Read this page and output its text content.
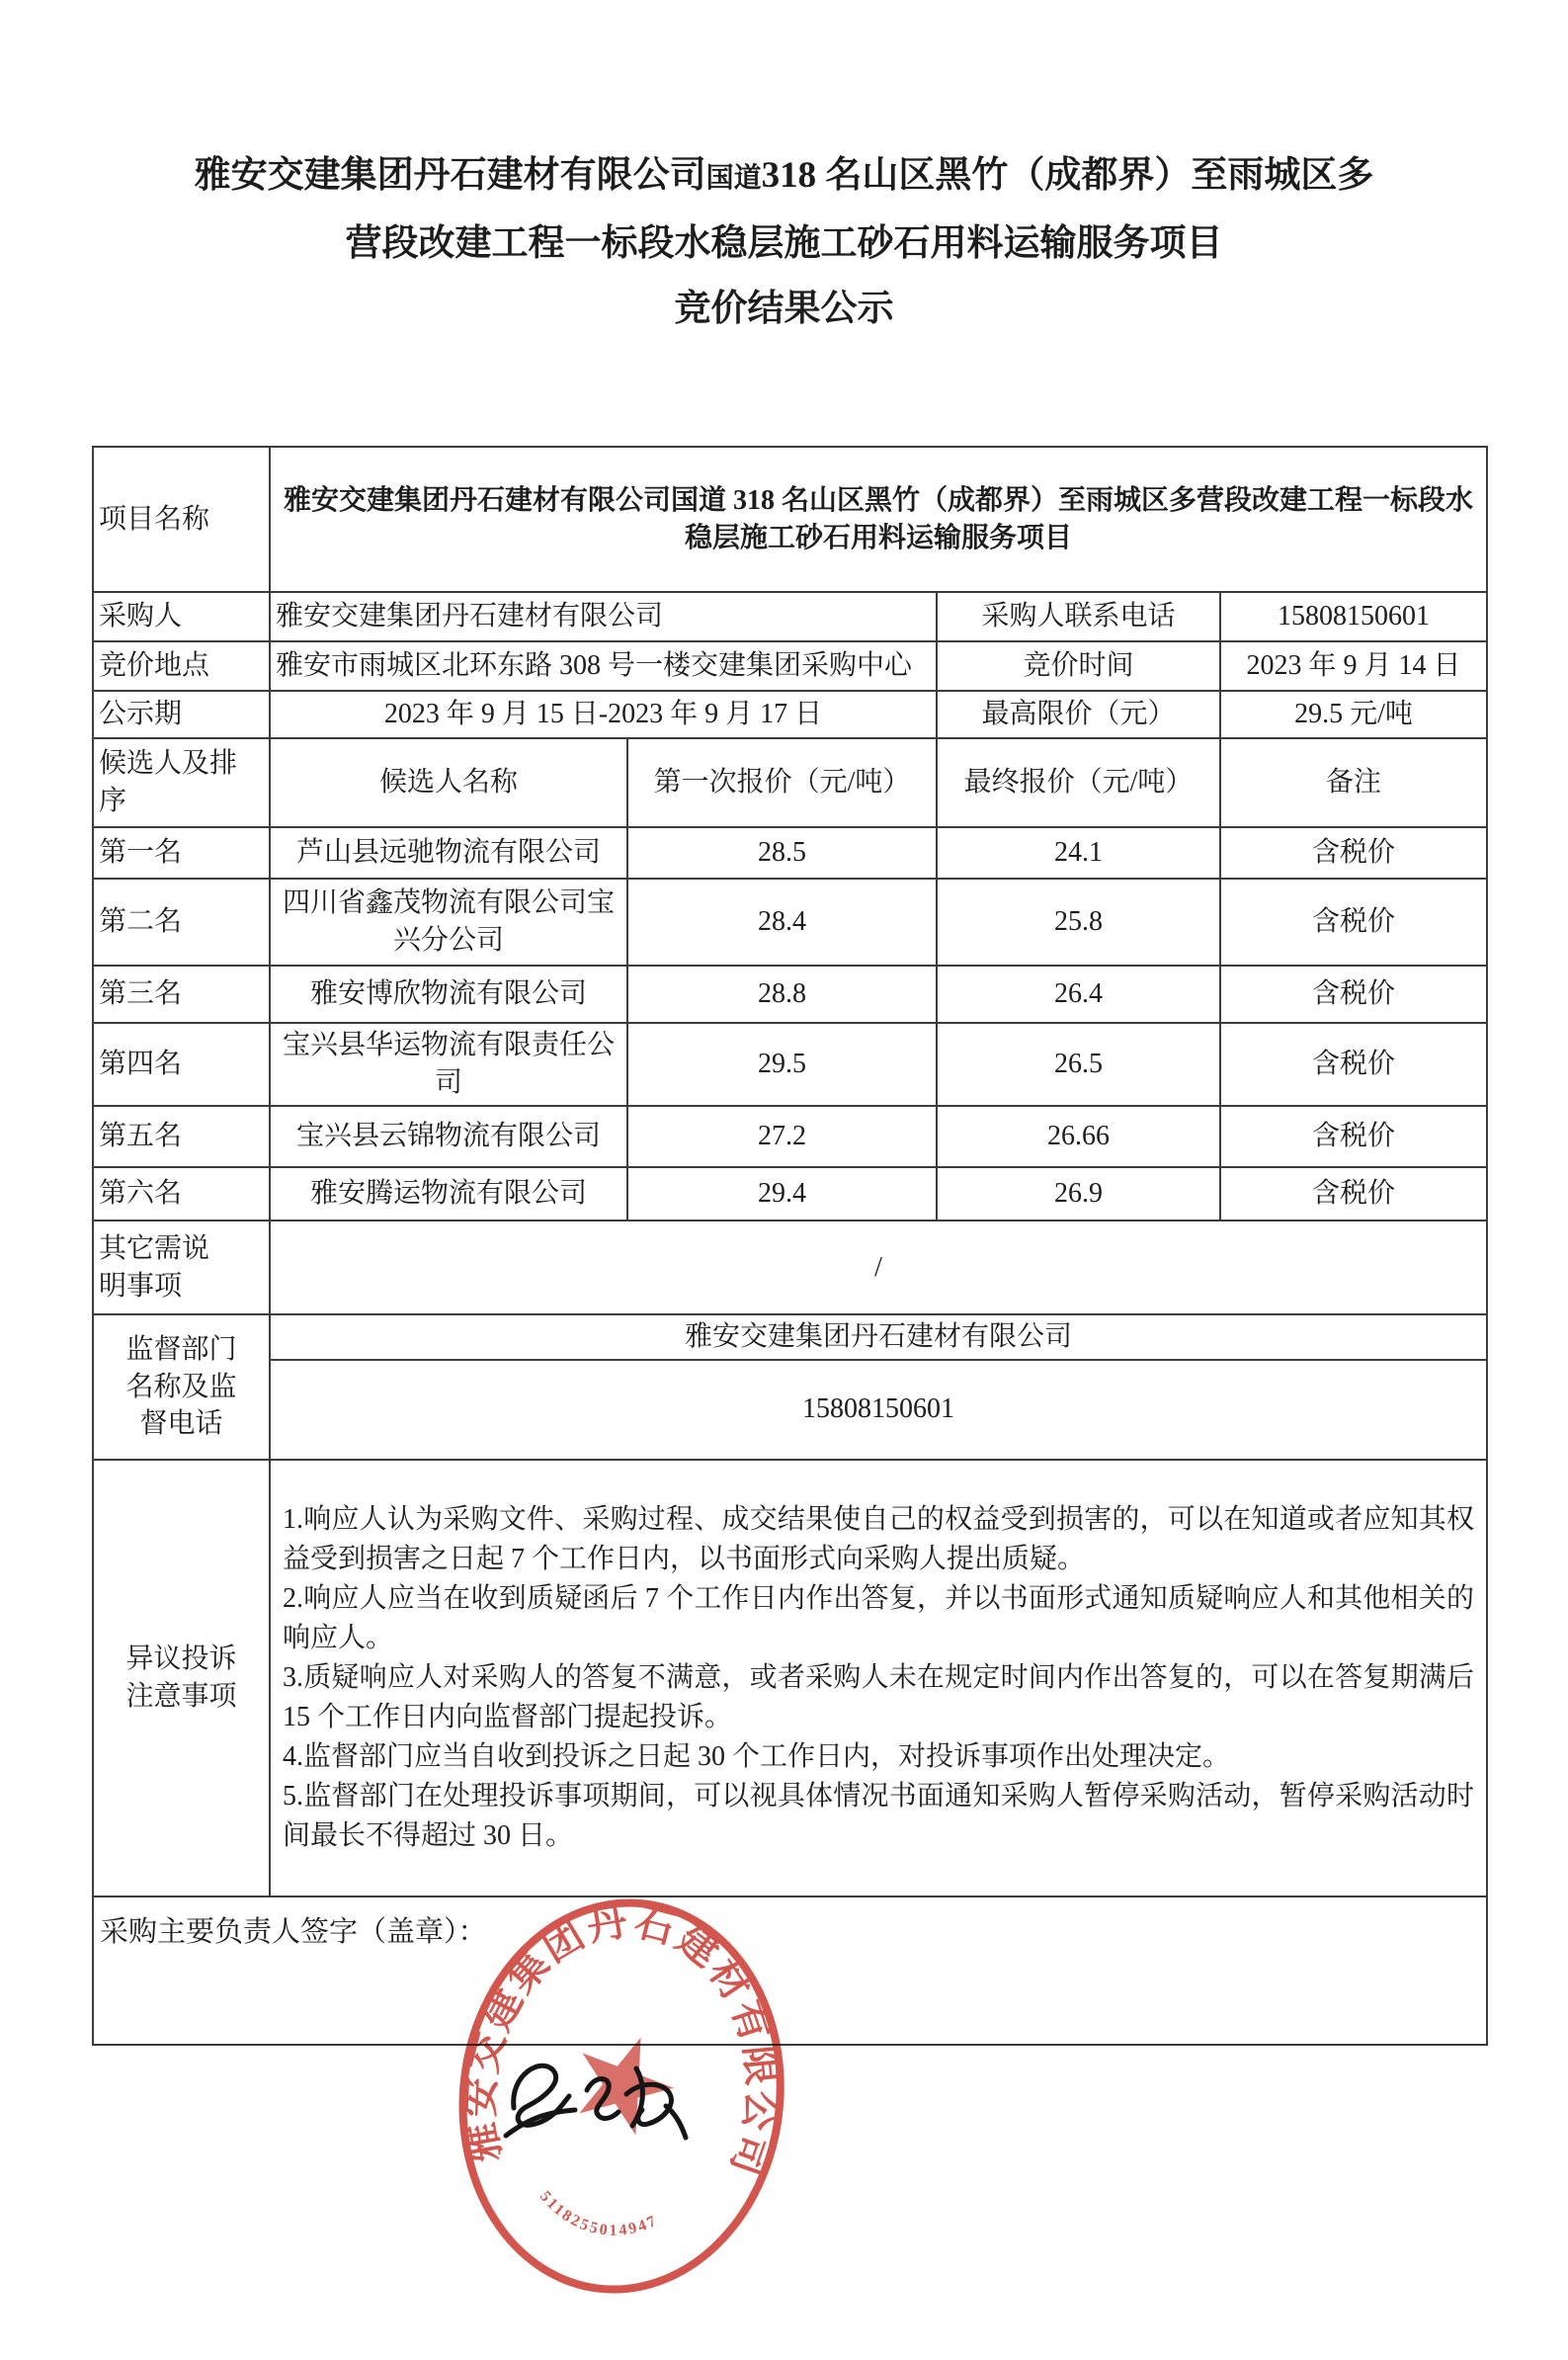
雅安交建集团丹石建材有限公司国道318 名山区黑竹（成都界）至雨城区多
营段改建工程一标段水稳层施工砂石用料运输服务项目
竞价结果公示
项目名称	雅安交建集团丹石建材有限公司国道 318 名山区黑竹（成都界）至雨城区多营段改建工程一标段水稳层施工砂石用料运输服务项目			
采购人	雅安交建集团丹石建材有限公司		采购人联系电话	15808150601
竞价地点	雅安市雨城区北环东路 308 号一楼交建集团采购中心		竞价时间	2023 年 9 月 14 日
公示期	2023 年 9 月 15 日-2023 年 9 月 17 日		最高限价（元）	29.5 元/吨

候选人及排序	候选人名称	第一次报价（元/吨）	最终报价（元/吨）	备注
第一名	芦山县远驰物流有限公司	28.5	24.1	含税价
第二名	四川省鑫茂物流有限公司宝兴分公司	28.4	25.8	含税价
第三名	雅安博欣物流有限公司	28.8	26.4	含税价
第四名	宝兴县华运物流有限责任公司	29.5	26.5	含税价
第五名	宝兴县云锦物流有限公司	27.2	26.66	含税价
第六名	雅安腾运物流有限公司	29.4	26.9	含税价

其它需说明事项	/			

监督部门名称及监督电话	雅安交建集团丹石建材有限公司			
	15808150601			

异议投诉注意事项	1.响应人认为采购文件、采购过程、成交结果使自己的权益受到损害的，可以在知道或者应知其权益受到损害之日起 7 个工作日内，以书面形式向采购人提出质疑。

2.响应人应当在收到质疑函后 7 个工作日内作出答复，并以书面形式通知质疑响应人和其他相关的响应人。

3.质疑响应人对采购人的答复不满意，或者采购人未在规定时间内作出答复的，可以在答复期满后 15 个工作日内向监督部门提起投诉。

4.监督部门应当自收到投诉之日起 30 个工作日内，对投诉事项作出处理决定。

5.监督部门在处理投诉事项期间，可以视具体情况书面通知采购人暂停采购活动，暂停采购活动时间最长不得超过 30 日。			

采购主要负责人签字（盖章）：				
雅安交建集团丹石建材有限公司
5118255014947
